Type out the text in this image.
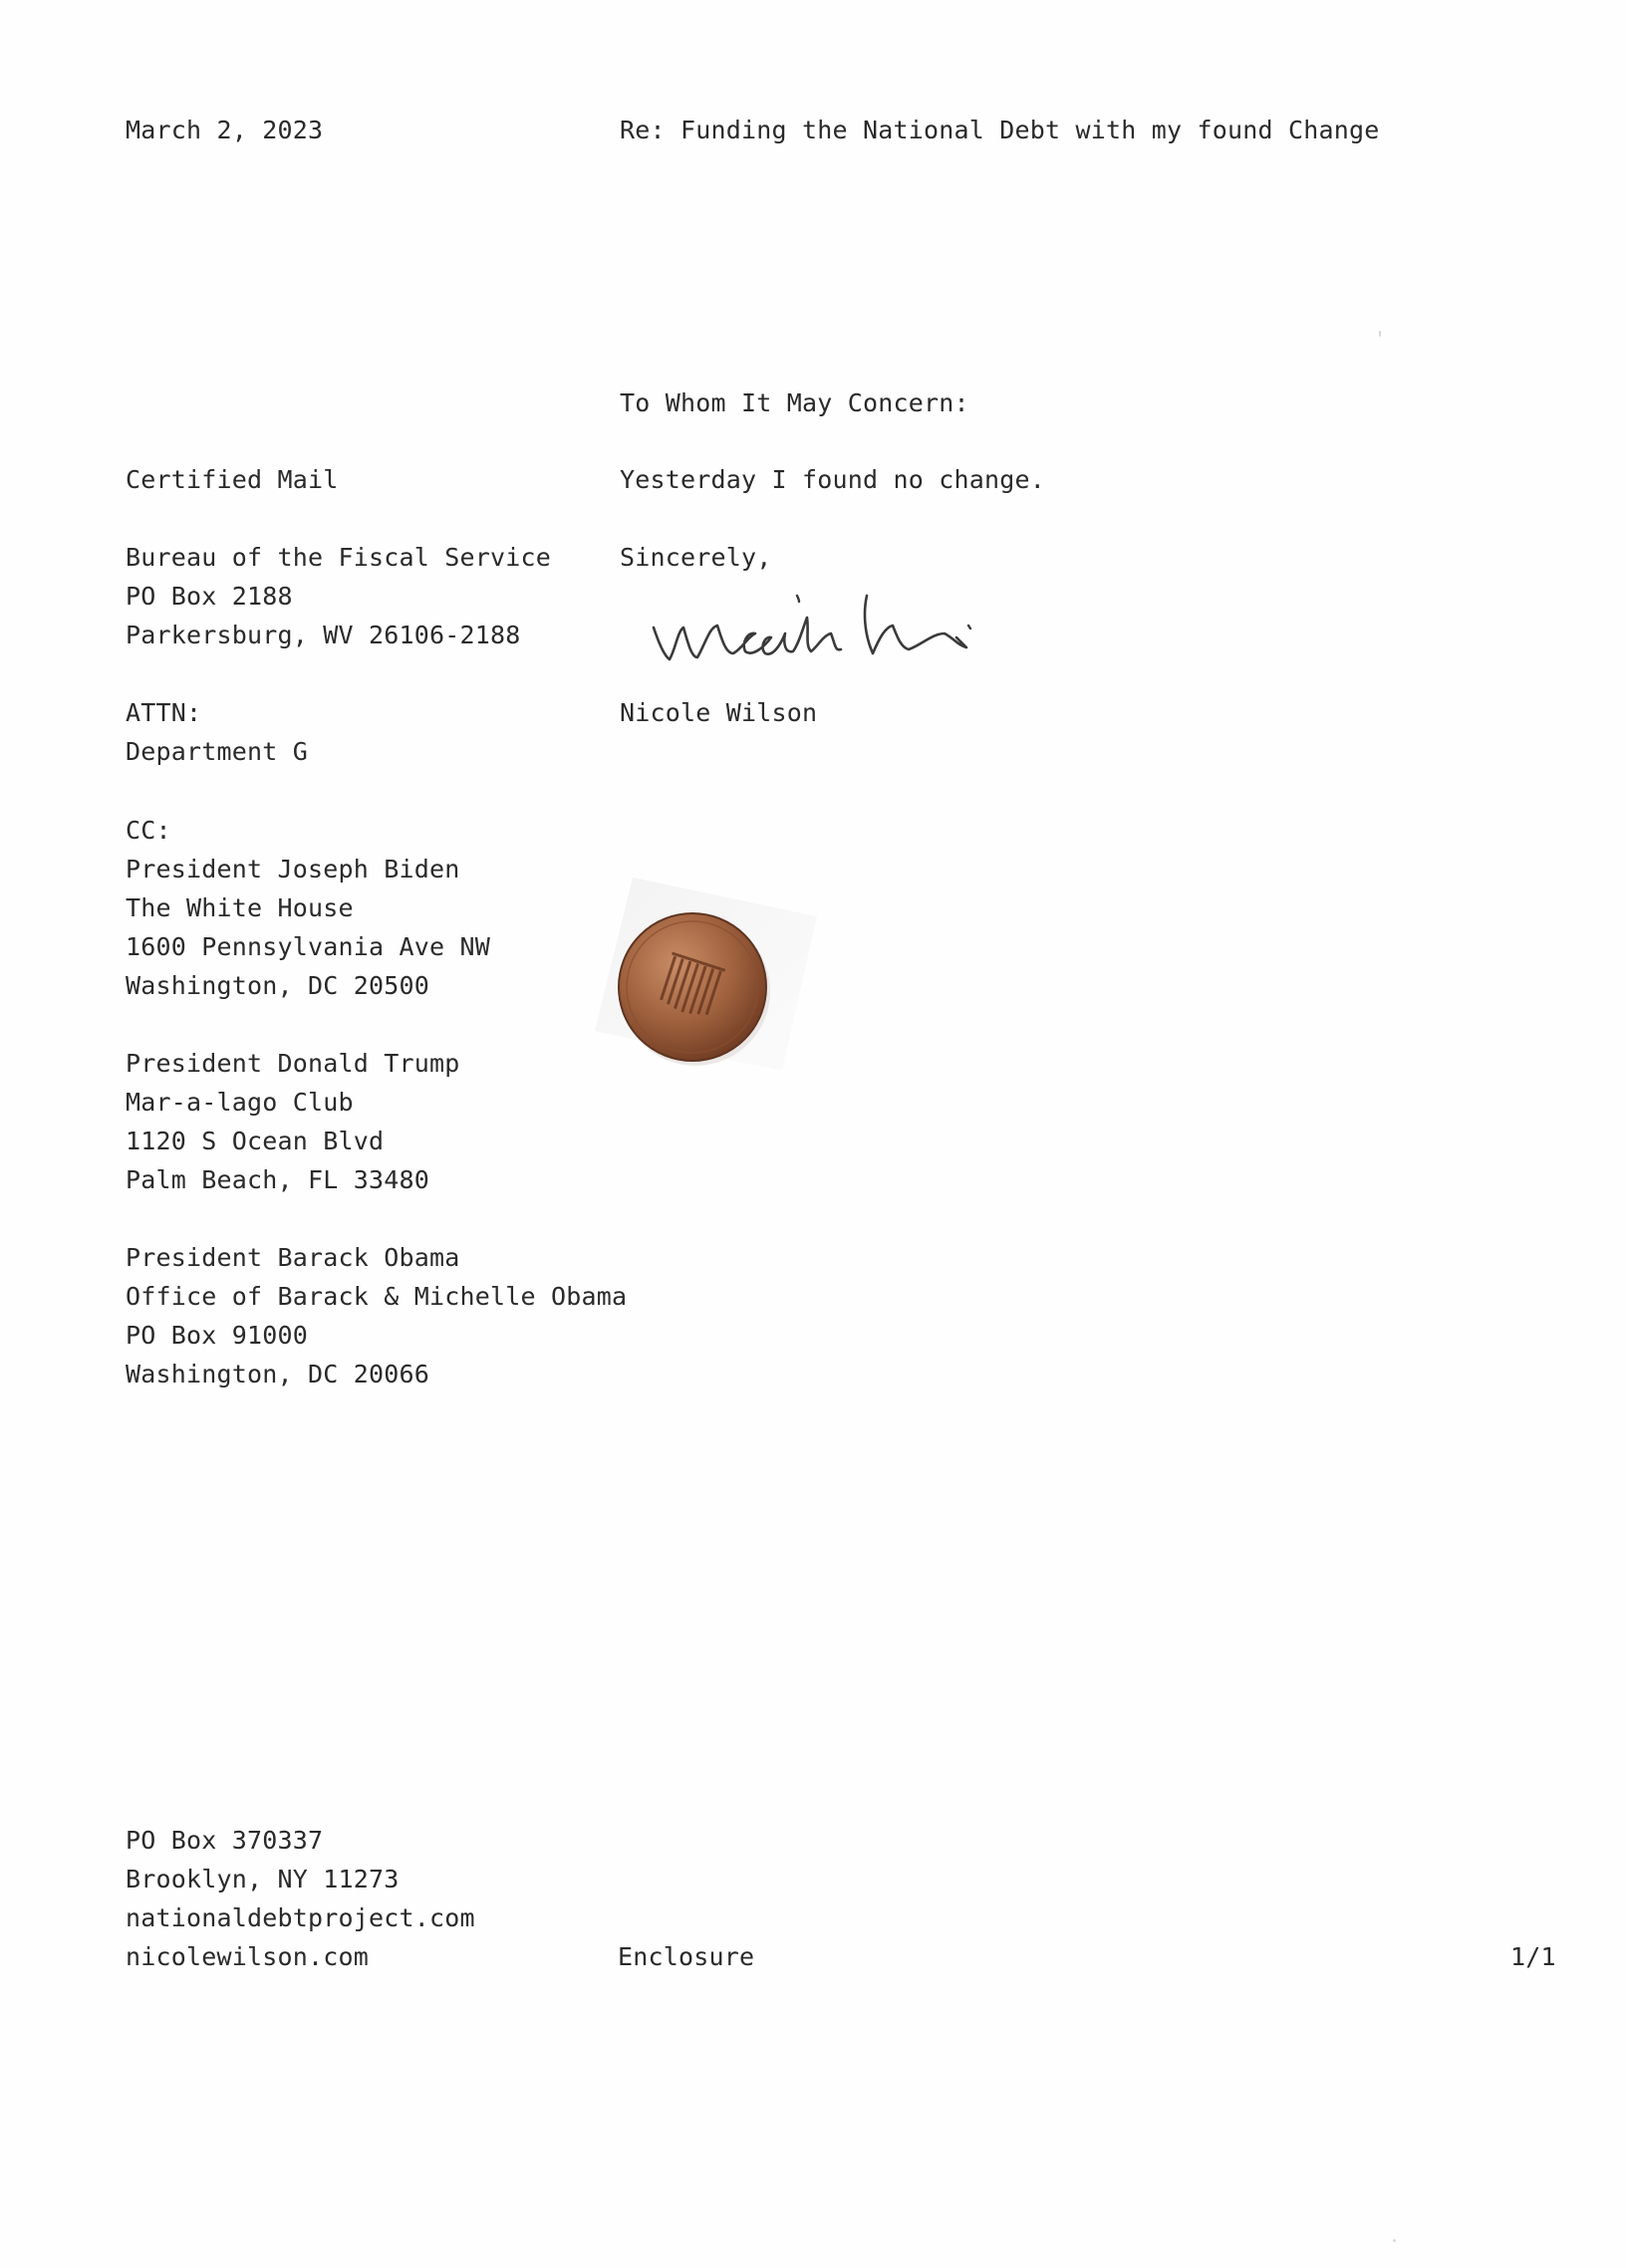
March 2, 2023	Re: Funding the National Debt with my found Change
To Whom It May Concern:
Yesterday I found no change.
Sincerely,
Nicole Wilson
Certified Mail
Bureau of the Fiscal Service
PO Box 2188
Parkersburg, WV 26106-2188
ATTN:
Department G
CC:
President Joseph Biden
The White House
1600 Pennsylvania Ave NW
Washington, DC 20500
President Donald Trump
Mar-a-lago Club
1120 S Ocean Blvd
Palm Beach, FL 33480
President Barack Obama
Office of Barack & Michelle Obama
PO Box 91000
Washington, DC 20066
PO Box 370337
Brooklyn, NY 11273
nationaldebtproject.com
nicolewilson.com	Enclosure	1/1
